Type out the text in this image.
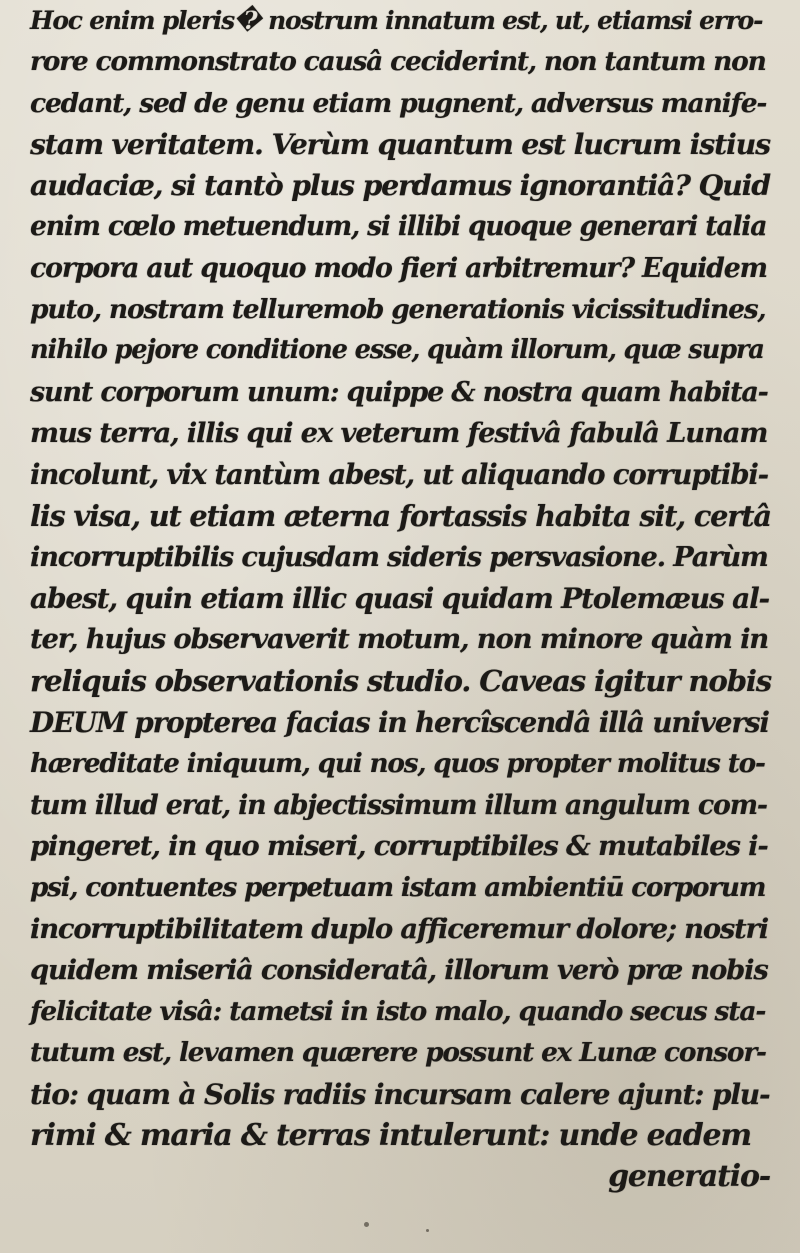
Hoc enim pleris� nostrum innatum est, ut, etiamsi erro-
rore commonstrato causâ ceciderint, non tantum non
cedant, sed de genu etiam pugnent, adversus manife-
stam veritatem. Verùm quantum est lucrum istius
audaciæ, si tantò plus perdamus ignorantiâ? Quid
enim cœlo metuendum, si illibi quoque generari talia
corpora aut quoquo modo fieri arbitremur? Equidem
puto, nostram telluremob generationis vicissitudines,
nihilo pejore conditione esse, quàm illorum, quæ supra
sunt corporum unum: quippe & nostra quam habita-
mus terra, illis qui ex veterum festivâ fabulâ Lunam
incolunt, vix tantùm abest, ut aliquando corruptibi-
lis visa, ut etiam æterna fortassis habita sit, certâ
incorruptibilis cujusdam sideris persvasione. Parùm
abest, quin etiam illic quasi quidam Ptolemæus al-
ter, hujus observaverit motum, non minore quàm in
reliquis observationis studio. Caveas igitur nobis
DEUM propterea facias in hercîscendâ illâ universi
hæreditate iniquum, qui nos, quos propter molitus to-
tum illud erat, in abjectissimum illum angulum com-
pingeret, in quo miseri, corruptibiles & mutabiles i-
psi, contuentes perpetuam istam ambientiū corporum
incorruptibilitatem duplo afficeremur dolore; nostri
quidem miseriâ consideratâ, illorum verò præ nobis
felicitate visâ: tametsi in isto malo, quando secus sta-
tutum est, levamen quærere possunt ex Lunæ consor-
tio: quam à Solis radiis incursam calere ajunt: plu-
rimi & maria & terras intulerunt: unde eadem
generatio-
